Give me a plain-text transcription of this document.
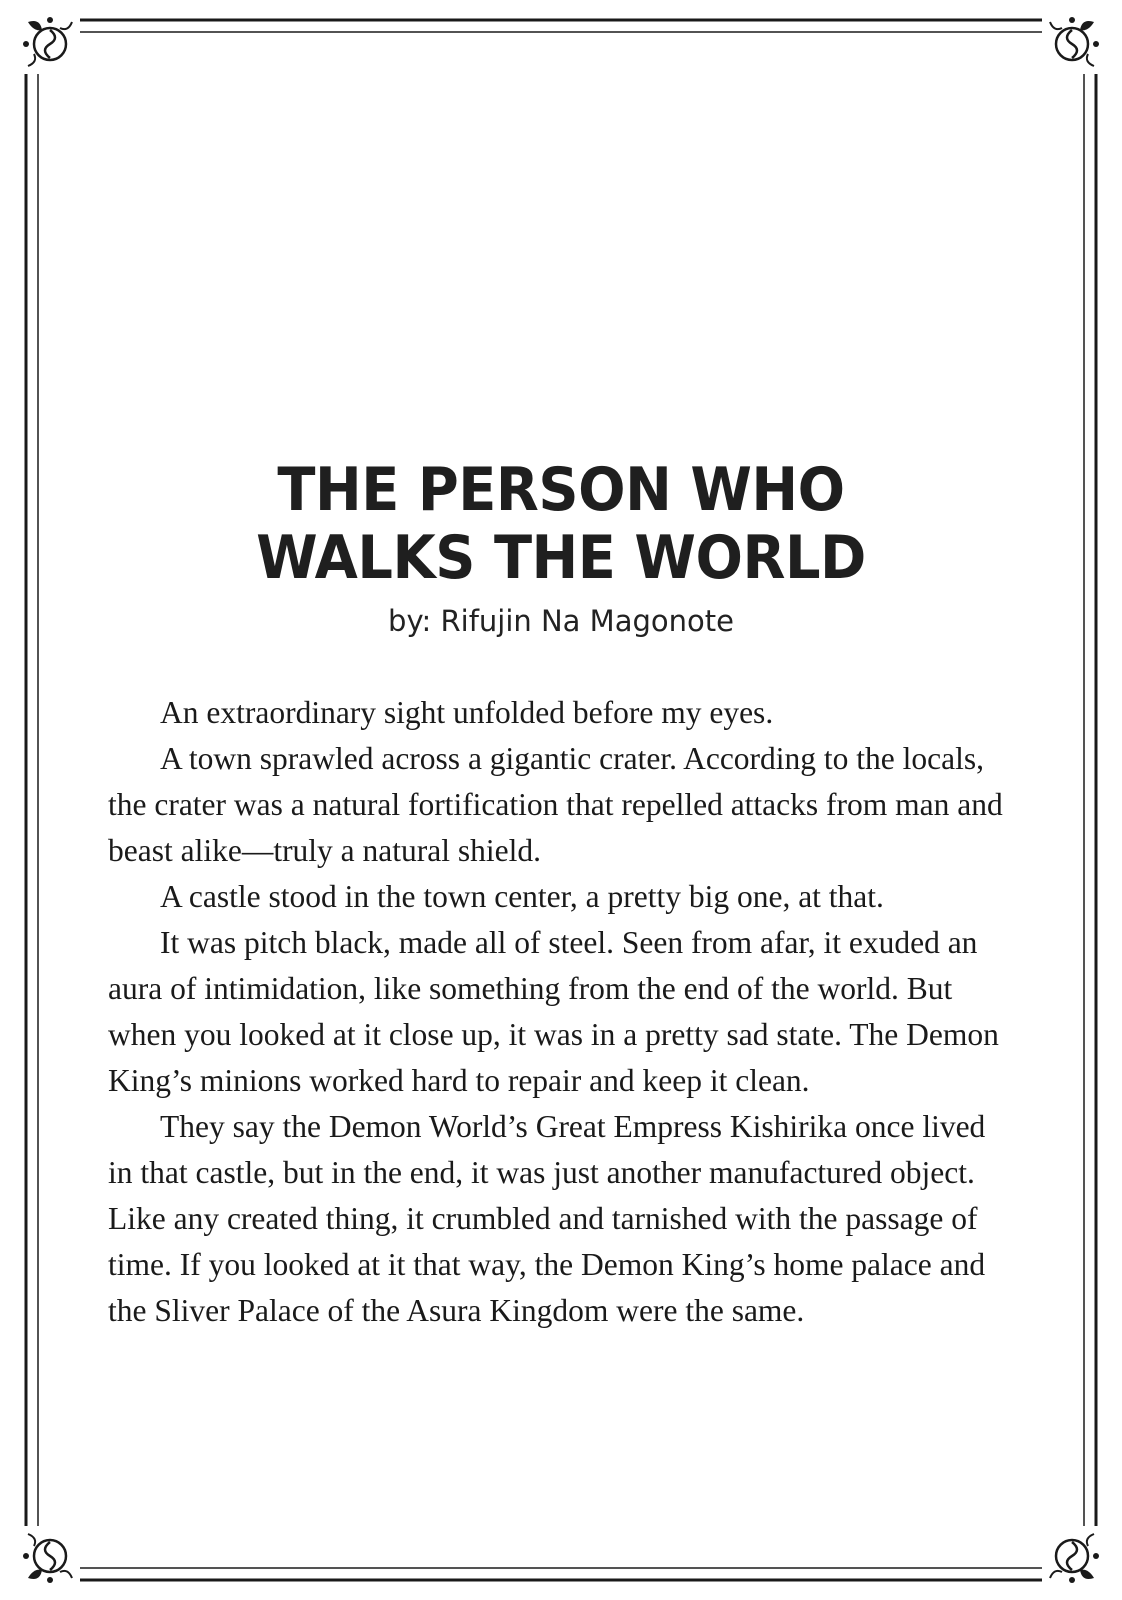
THE PERSON WHO
WALKS THE WORLD
by: Rifujin Na Magonote

An extraordinary sight unfolded before my eyes.

A town sprawled across a gigantic crater. According to the locals, the crater was a natural fortification that repelled attacks from man and beast alike—truly a natural shield.

A castle stood in the town center, a pretty big one, at that.

It was pitch black, made all of steel. Seen from afar, it exuded an aura of intimidation, like something from the end of the world. But when you looked at it close up, it was in a pretty sad state. The Demon King’s minions worked hard to repair and keep it clean.

They say the Demon World’s Great Empress Kishirika once lived in that castle, but in the end, it was just another manufactured object. Like any created thing, it crumbled and tarnished with the passage of time. If you looked at it that way, the Demon King’s home palace and the Sliver Palace of the Asura Kingdom were the same.
